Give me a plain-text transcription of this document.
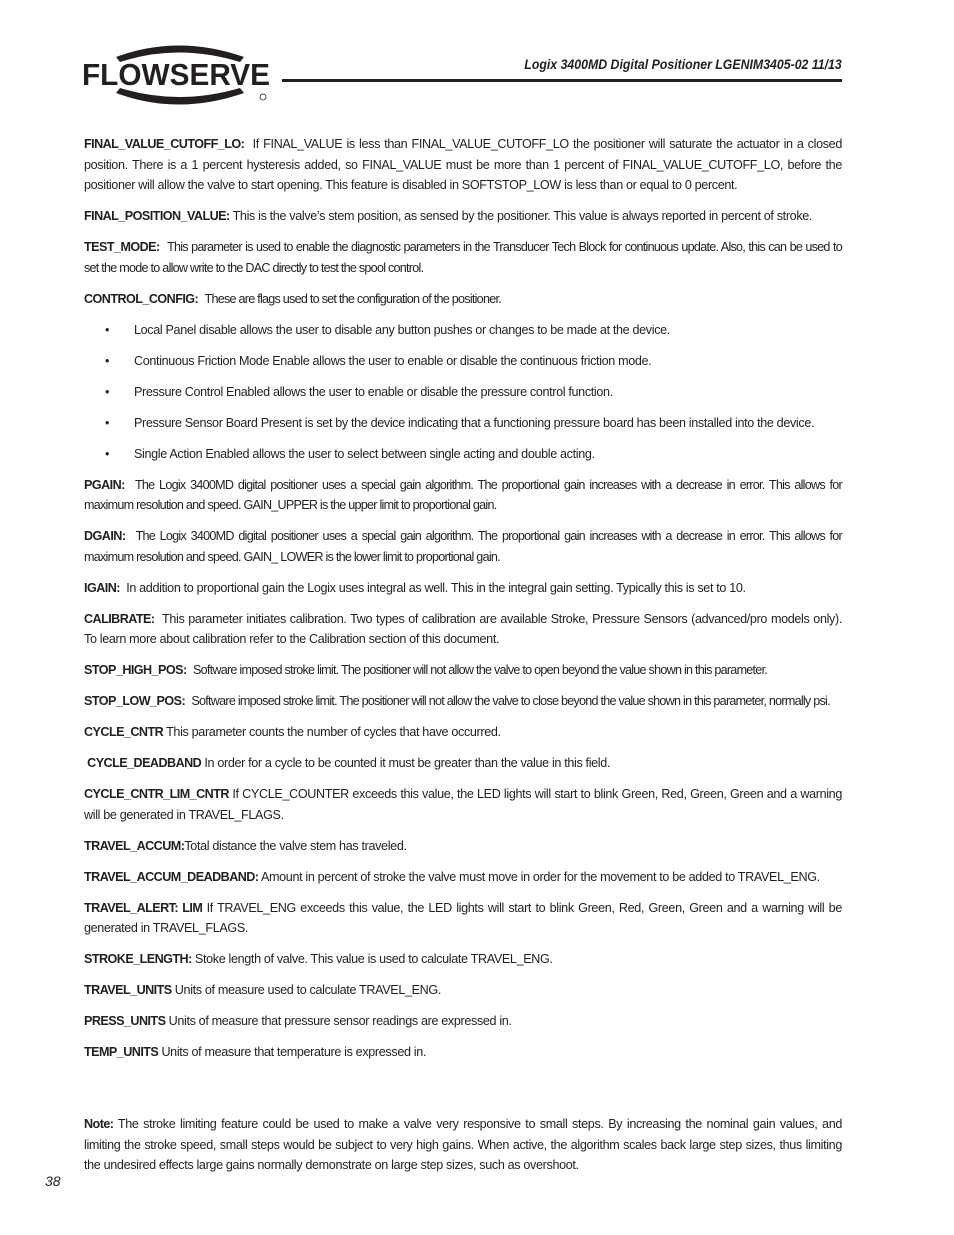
FLOWSERVE	Logix 3400MD Digital Positioner LGENIM3405-02 11/13

FINAL_VALUE_CUTOFF_LO: If FINAL_VALUE is less than FINAL_VALUE_CUTOFF_LO the positioner will saturate the actuator in a closed position. There is a 1 percent hysteresis added, so FINAL_VALUE must be more than 1 percent of FINAL_VALUE_CUTOFF_LO, before the positioner will allow the valve to start opening. This feature is disabled in SOFTSTOP_LOW is less than or equal to 0 percent.

FINAL_POSITION_VALUE: This is the valve’s stem position, as sensed by the positioner. This value is always reported in percent of stroke.

TEST_MODE: This parameter is used to enable the diagnostic parameters in the Transducer Tech Block for continuous update. Also, this can be used to set the mode to allow write to the DAC directly to test the spool control.

CONTROL_CONFIG: These are flags used to set the configuration of the positioner.

• Local Panel disable allows the user to disable any button pushes or changes to be made at the device.
• Continuous Friction Mode Enable allows the user to enable or disable the continuous friction mode.
• Pressure Control Enabled allows the user to enable or disable the pressure control function.
• Pressure Sensor Board Present is set by the device indicating that a functioning pressure board has been installed into the device.
• Single Action Enabled allows the user to select between single acting and double acting.

PGAIN: The Logix 3400MD digital positioner uses a special gain algorithm. The proportional gain increases with a decrease in error. This allows for maximum resolution and speed. GAIN_UPPER is the upper limit to proportional gain.

DGAIN: The Logix 3400MD digital positioner uses a special gain algorithm. The proportional gain increases with a decrease in error. This allows for maximum resolution and speed. GAIN_ LOWER is the lower limit to proportional gain.

IGAIN: In addition to proportional gain the Logix uses integral as well. This in the integral gain setting. Typically this is set to 10.

CALIBRATE: This parameter initiates calibration. Two types of calibration are available Stroke, Pressure Sensors (advanced/pro models only). To learn more about calibration refer to the Calibration section of this document.

STOP_HIGH_POS: Software imposed stroke limit. The positioner will not allow the valve to open beyond the value shown in this parameter.

STOP_LOW_POS: Software imposed stroke limit. The positioner will not allow the valve to close beyond the value shown in this parameter, normally psi.

CYCLE_CNTR This parameter counts the number of cycles that have occurred.

CYCLE_DEADBAND In order for a cycle to be counted it must be greater than the value in this field.

CYCLE_CNTR_LIM_CNTR If CYCLE_COUNTER exceeds this value, the LED lights will start to blink Green, Red, Green, Green and a warning will be generated in TRAVEL_FLAGS.

TRAVEL_ACCUM:Total distance the valve stem has traveled.

TRAVEL_ACCUM_DEADBAND: Amount in percent of stroke the valve must move in order for the movement to be added to TRAVEL_ENG.

TRAVEL_ALERT: LIM If TRAVEL_ENG exceeds this value, the LED lights will start to blink Green, Red, Green, Green and a warning will be generated in TRAVEL_FLAGS.

STROKE_LENGTH: Stoke length of valve. This value is used to calculate TRAVEL_ENG.

TRAVEL_UNITS Units of measure used to calculate TRAVEL_ENG.

PRESS_UNITS Units of measure that pressure sensor readings are expressed in.

TEMP_UNITS Units of measure that temperature is expressed in.

Note: The stroke limiting feature could be used to make a valve very responsive to small steps. By increasing the nominal gain values, and limiting the stroke speed, small steps would be subject to very high gains. When active, the algorithm scales back large step sizes, thus limiting the undesired effects large gains normally demonstrate on large step sizes, such as overshoot.

38
